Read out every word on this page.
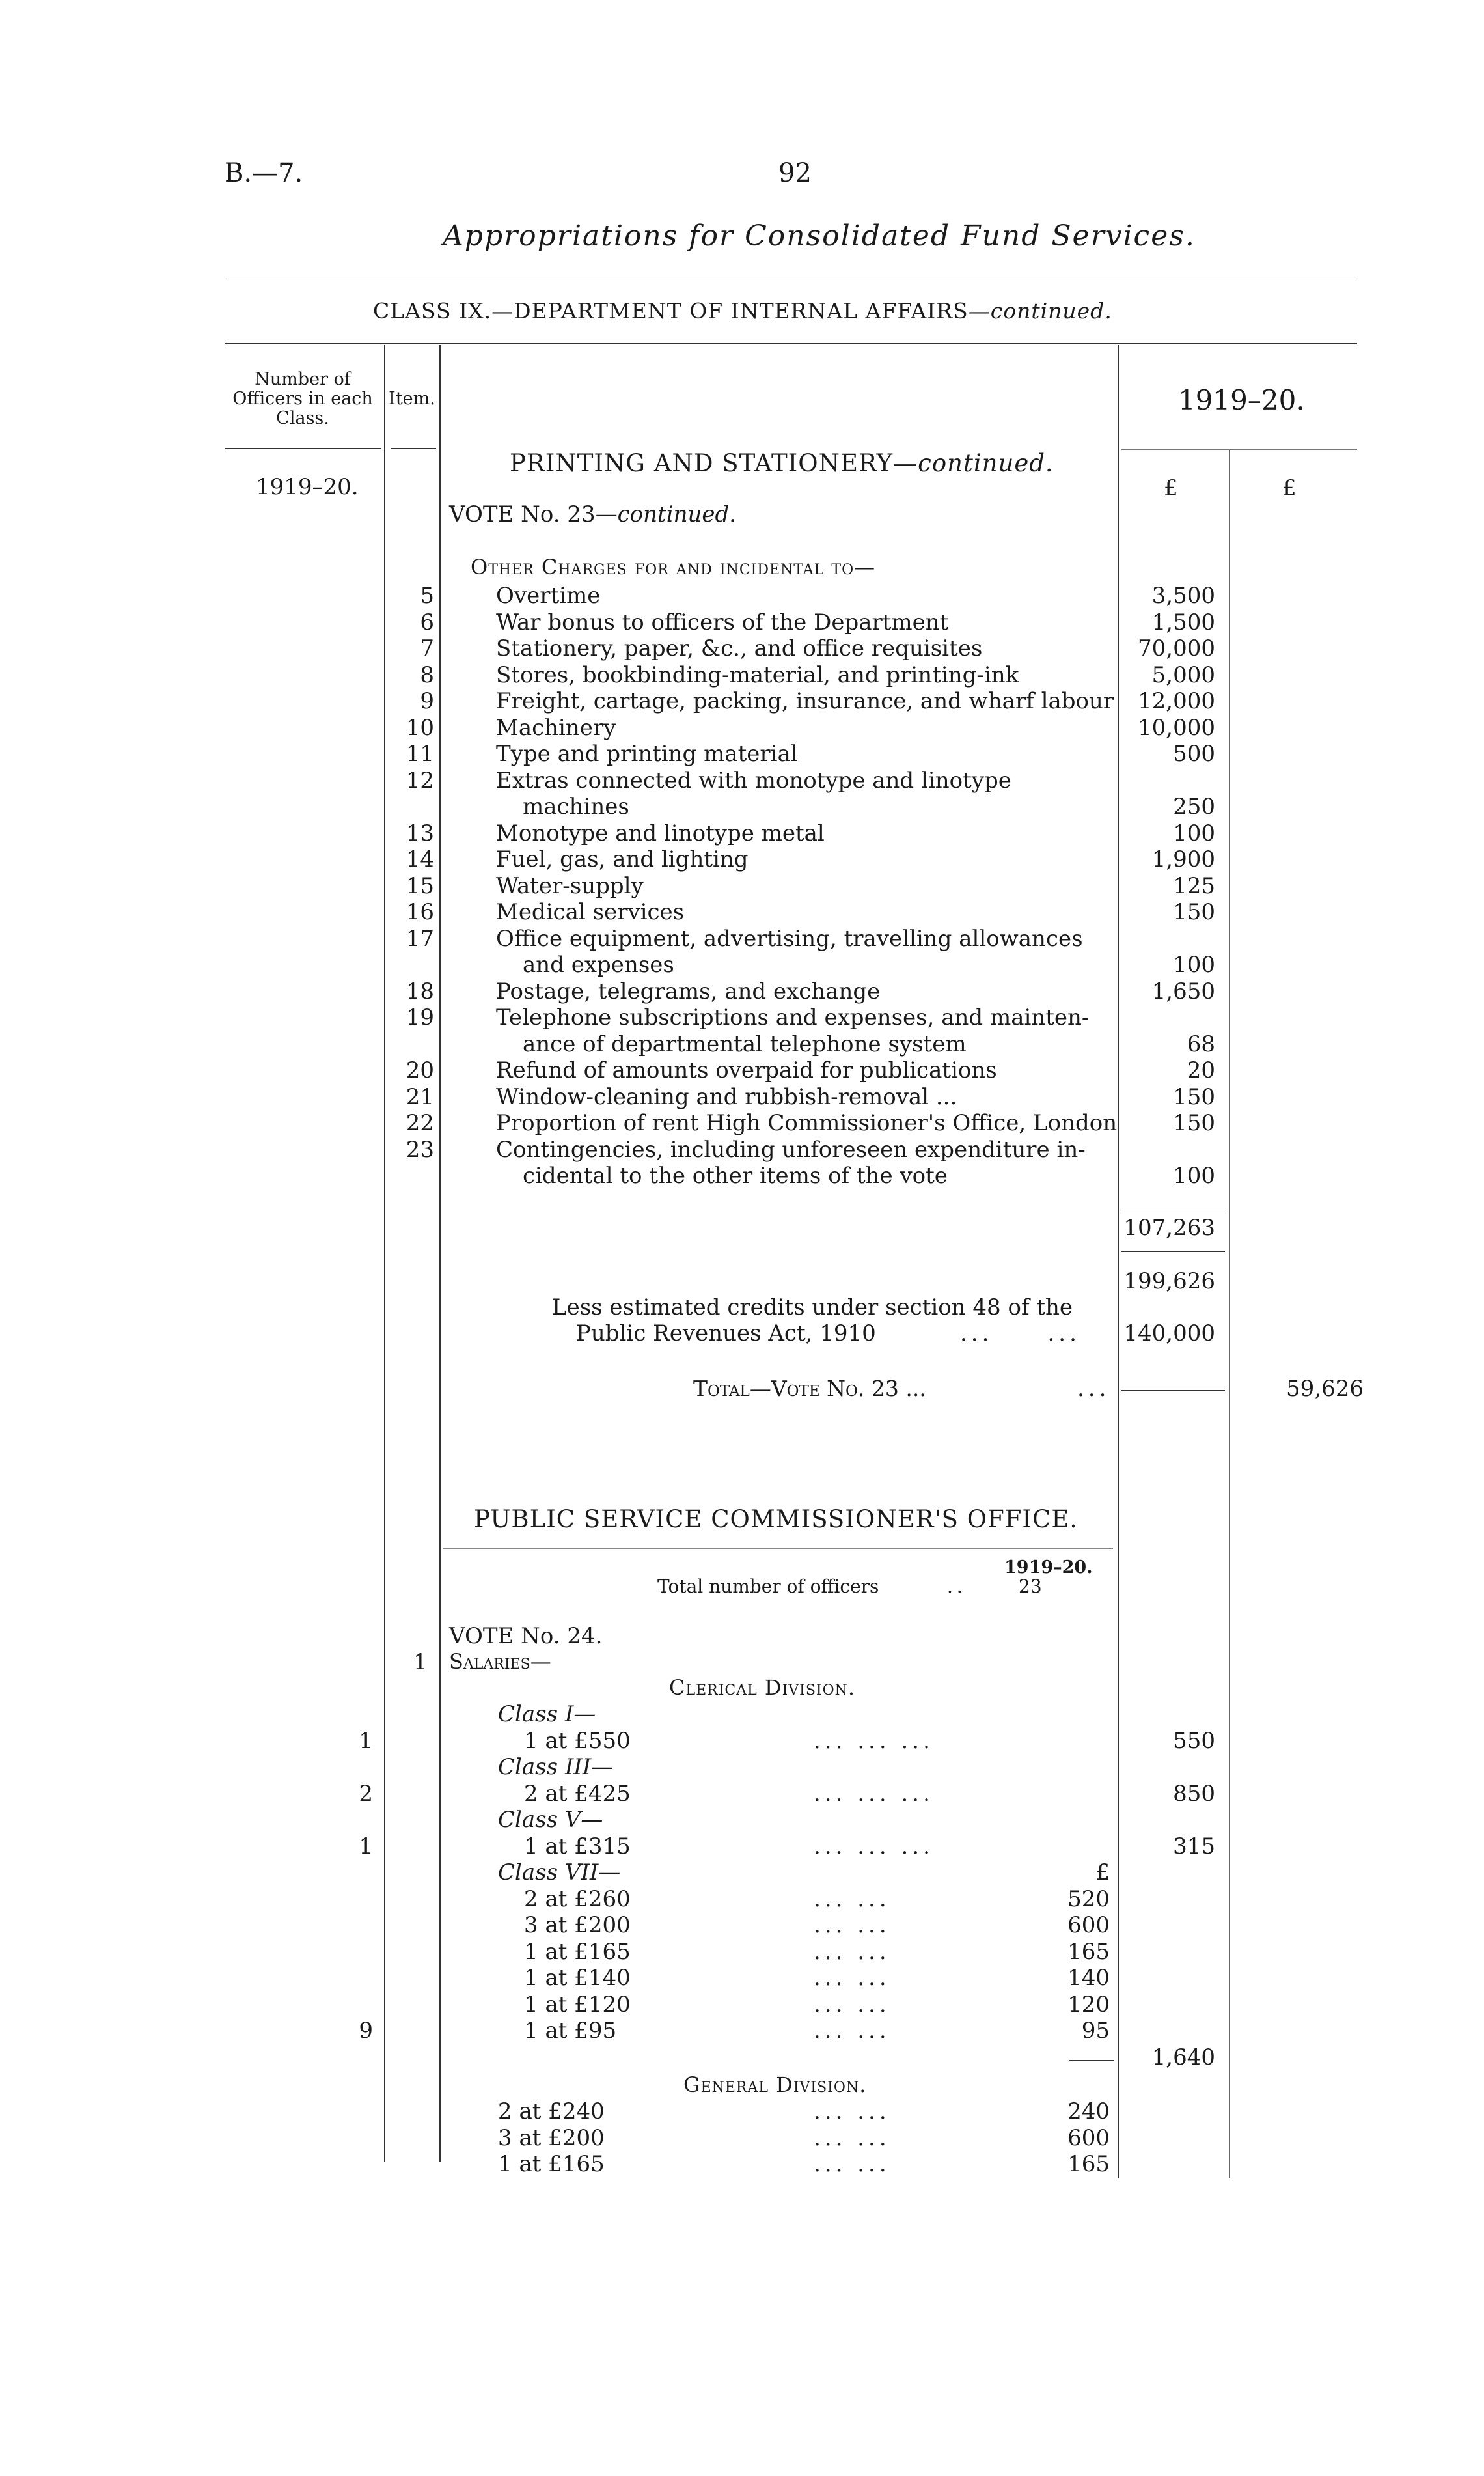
B.—7.	92
Appropriations for Consolidated Fund Services.
CLASS IX.—DEPARTMENT OF INTERNAL AFFAIRS—continued.
Number of Officers in each Class.
Item.	1919–20.
1919–20.	£	£
PRINTING AND STATIONERY—continued.
VOTE No. 23—continued.
Other Charges for and incidental to—
5	Overtime	3,500
6	War bonus to officers of the Department	1,500
7	Stationery, paper, &c., and office requisites	70,000
8	Stores, bookbinding-material, and printing-ink	5,000
9	Freight, cartage, packing, insurance, and wharf labour	12,000
10	Machinery	10,000
11	Type and printing material	500
12	Extras connected with monotype and linotype
machines	250
13	Monotype and linotype metal	100
14	Fuel, gas, and lighting	1,900
15	Water-supply	125
16	Medical services	150
17	Office equipment, advertising, travelling allowances
and expenses	100
18	Postage, telegrams, and exchange	1,650
19	Telephone subscriptions and expenses, and mainten-
ance of departmental telephone system	68
20	Refund of amounts overpaid for publications	20
21	Window-cleaning and rubbish-removal ...	150
22	Proportion of rent High Commissioner's Office, London	150
23	Contingencies, including unforeseen expenditure in-
cidental to the other items of the vote	100
107,263
199,626
Less estimated credits under section 48 of the
Public Revenues Act, 1910	...     ... 140,000
Total—Vote No. 23 ...	...	59,626
PUBLIC SERVICE COMMISSIONER'S OFFICE.
1919–20.
Total number of officers	..	23
VOTE No. 24.
1 Salaries—
Clerical Division.
Class I—
1	1 at £550	... ... ...	550
Class III—
2	2 at £425	... ... ...	850
Class V—
1	1 at £315	... ... ...	315
Class VII—	£
2 at £260	... ...	520
3 at £200	... ...	600
1 at £165	... ...	165
1 at £140	... ...	140
1 at £120	... ...	120
9	1 at £95	... ...	95
1,640
General Division.
2 at £240	... ...	240
3 at £200	... ...	600
1 at £165	... ...	165
